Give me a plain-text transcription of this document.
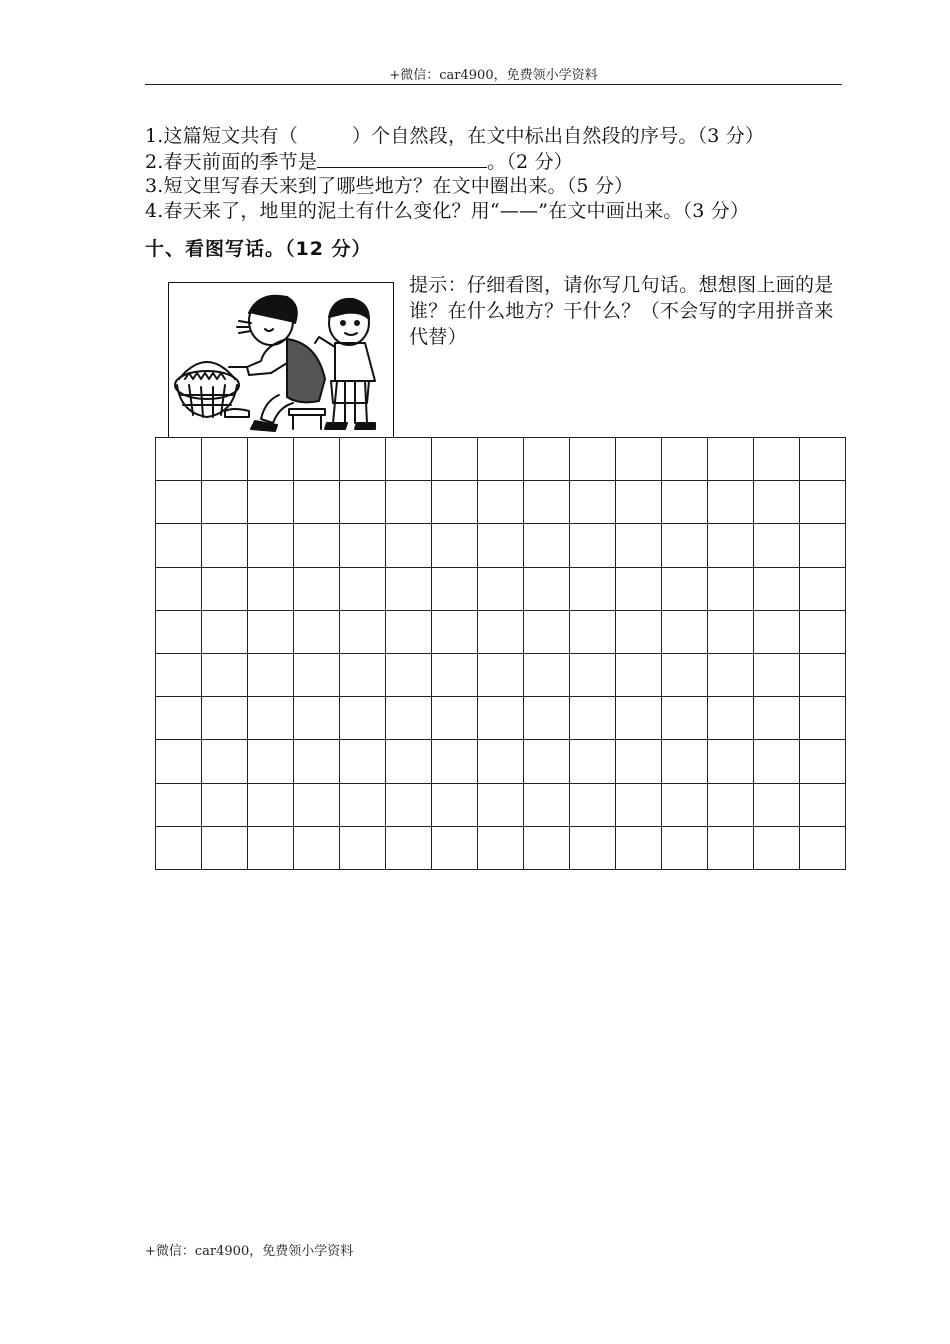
+微信：car4900，免费领小学资料
1.这篇短文共有（	）个自然段，在文中标出自然段的序号。（3 分）
2.春天前面的季节是	。（2 分）
3.短文里写春天来到了哪些地方？在文中圈出来。（5 分）
4.春天来了，地里的泥土有什么变化？用“——”在文中画出来。（3 分）
十、看图写话。（12 分）
提示：仔细看图，请你写几句话。想想图上画的是谁？在什么地方？干什么？（不会写的字用拼音来代替）

+微信：car4900，免费领小学资料
